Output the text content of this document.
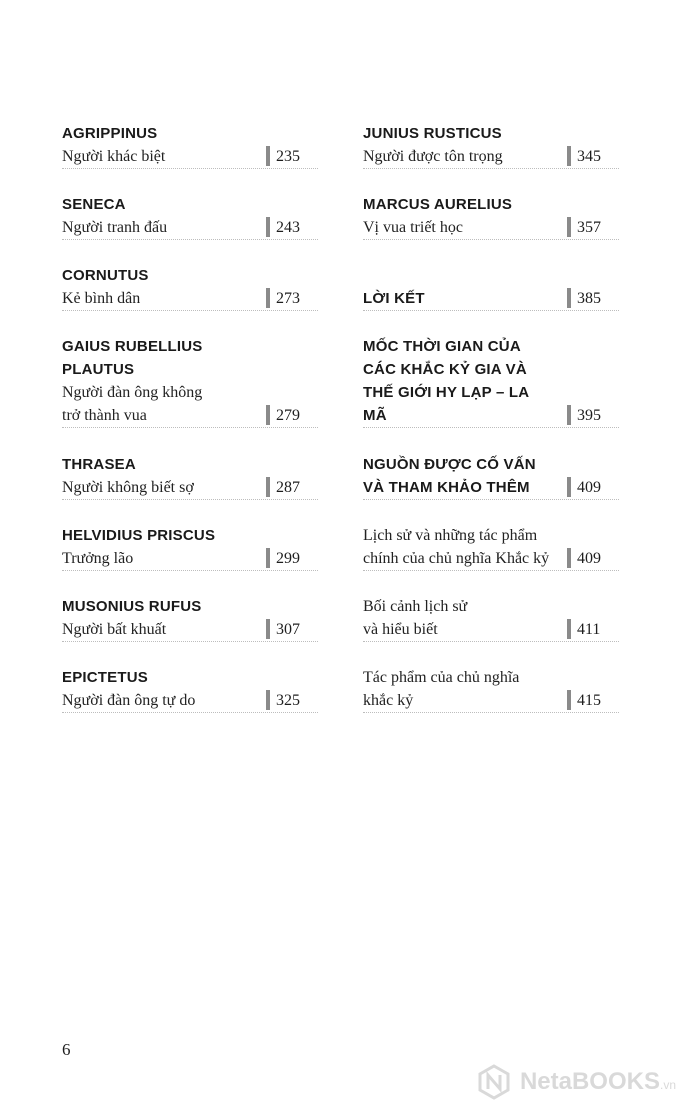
AGRIPPINUS
Người khác biệt	235
SENECA
Người tranh đấu	243
CORNUTUS
Kẻ bình dân	273
GAIUS RUBELLIUS PLAUTUS
Người đàn ông không
trở thành vua	279
THRASEA
Người không biết sợ	287
HELVIDIUS PRISCUS
Trưởng lão	299
MUSONIUS RUFUS
Người bất khuất	307
EPICTETUS
Người đàn ông tự do	325
JUNIUS RUSTICUS
Người được tôn trọng	345
MARCUS AURELIUS
Vị vua triết học	357
LỜI KẾT	385
MỐC THỜI GIAN CỦA CÁC KHẮC KỶ GIA VÀ THẾ GIỚI HY LẠP – LA MÃ	395
NGUỒN ĐƯỢC CỐ VẤN VÀ THAM KHẢO THÊM	409
Lịch sử và những tác phẩm
chính của chủ nghĩa Khắc kỷ	409
Bối cảnh lịch sử
và hiểu biết	411
Tác phẩm của chủ nghĩa
khắc kỷ	415
6
NetaBOOKS.vn
